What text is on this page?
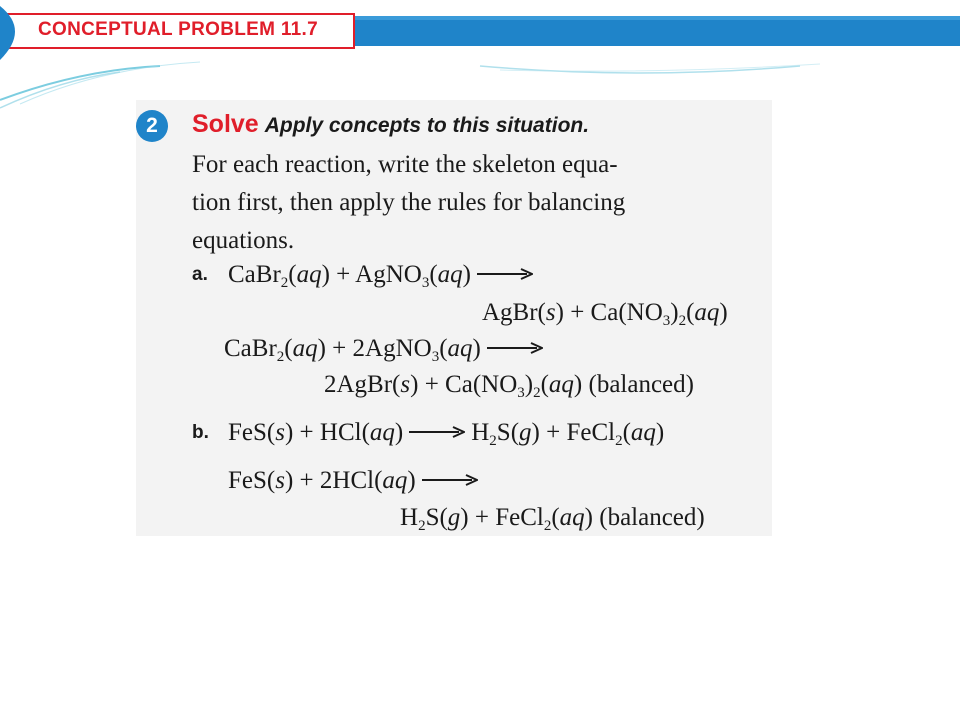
CONCEPTUAL PROBLEM 11.7
2	Solve Apply concepts to this situation.
For each reaction, write the skeleton equa-
tion first, then apply the rules for balancing
equations.
a. CaBr$_2$(aq) + AgNO$_3$(aq) →
AgBr(s) + $Ca(NO_3)_2(aq)$
CaBr$_2$(aq) + 2AgNO$_3$(aq) →
2AgBr(s) + $Ca(NO_3)_2(aq)$ (balanced)
b. $FeS(s) + HCl(aq) \to H_2S(g)$ + FeCl$_2$(aq)
FeS(s) + 2HCl(aq) →
$H_2S(g)$ + FeCl$_2$(aq) (balanced)
